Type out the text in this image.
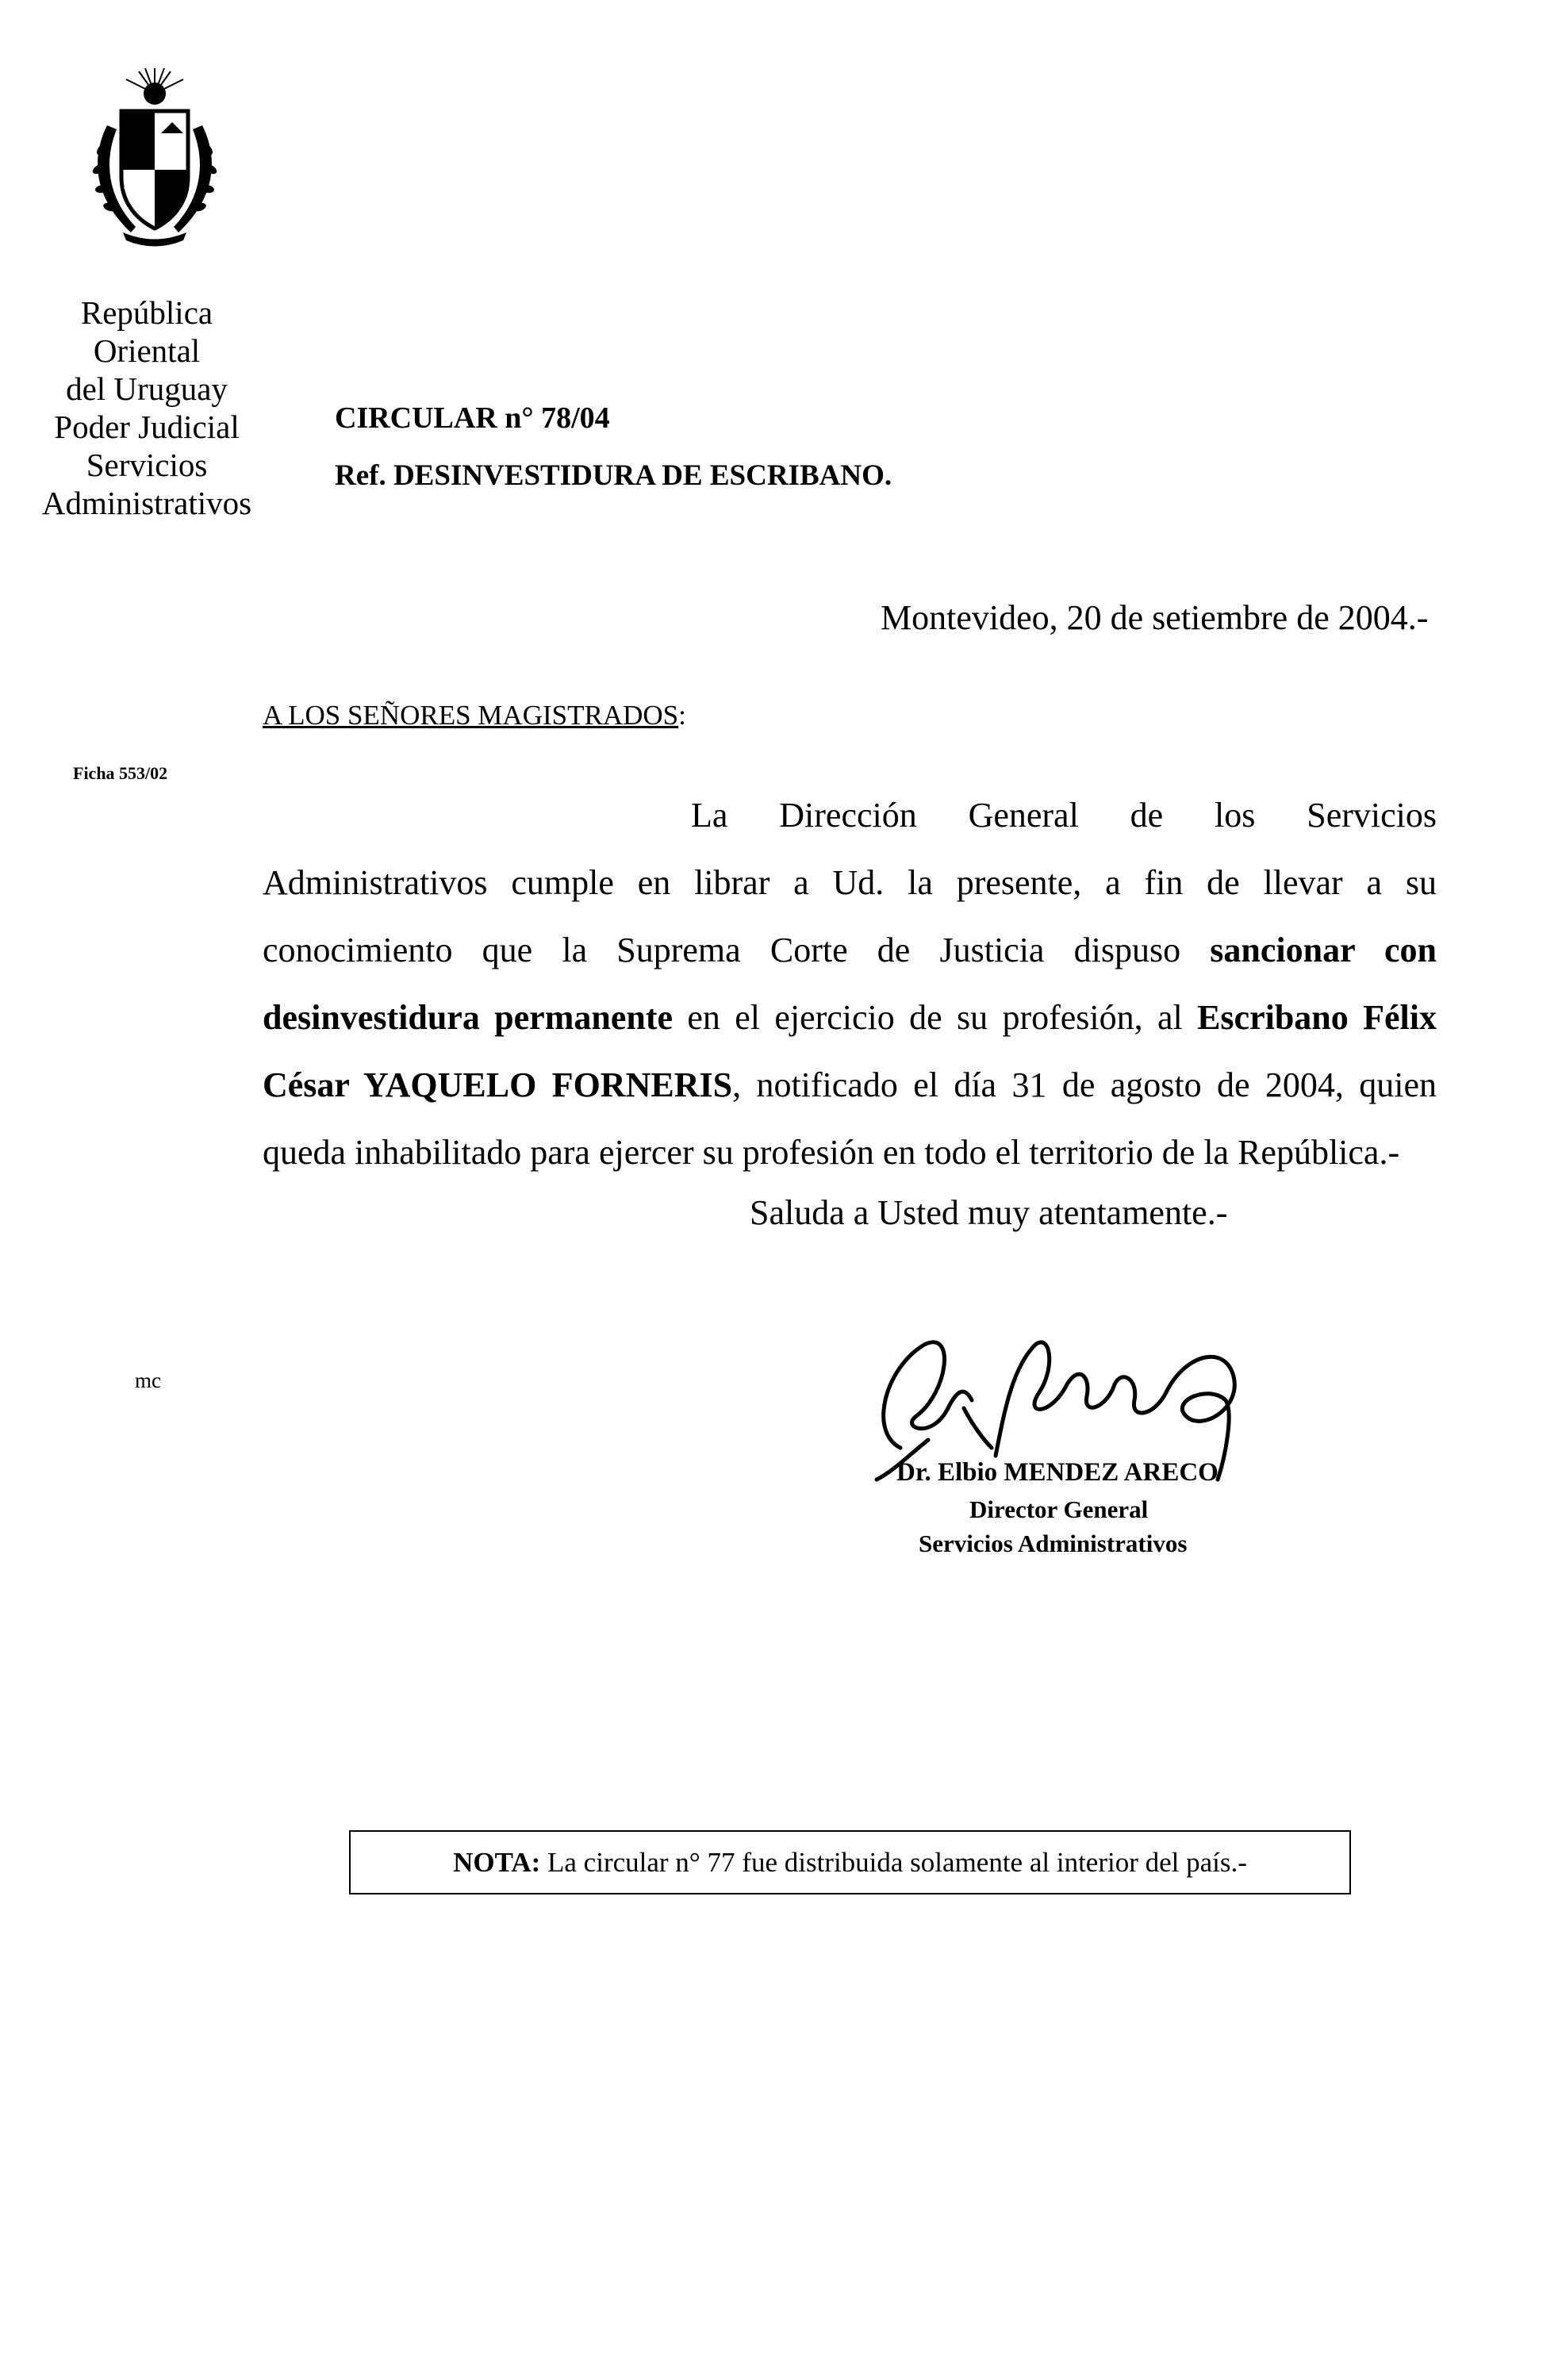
República Oriental
del Uruguay
Poder Judicial
Servicios
Administrativos
CIRCULAR n° 78/04
Ref. DESINVESTIDURA DE ESCRIBANO.
Montevideo, 20 de setiembre de 2004.-
A LOS SEÑORES MAGISTRADOS:
Ficha 553/02

La Dirección General de los Servicios Administrativos cumple en librar a Ud. la presente, a fin de llevar a su conocimiento que la Suprema Corte de Justicia dispuso sancionar con desinvestidura permanente en el ejercicio de su profesión, al Escribano Félix César YAQUELO FORNERIS, notificado el día 31 de agosto de 2004, quien queda inhabilitado para ejercer su profesión en todo el territorio de la República.-

Saluda a Usted muy atentamente.-
mc
Dr. Elbio MENDEZ ARECO
Director General
Servicios Administrativos
NOTA: La circular n° 77 fue distribuida solamente al interior del país.-
